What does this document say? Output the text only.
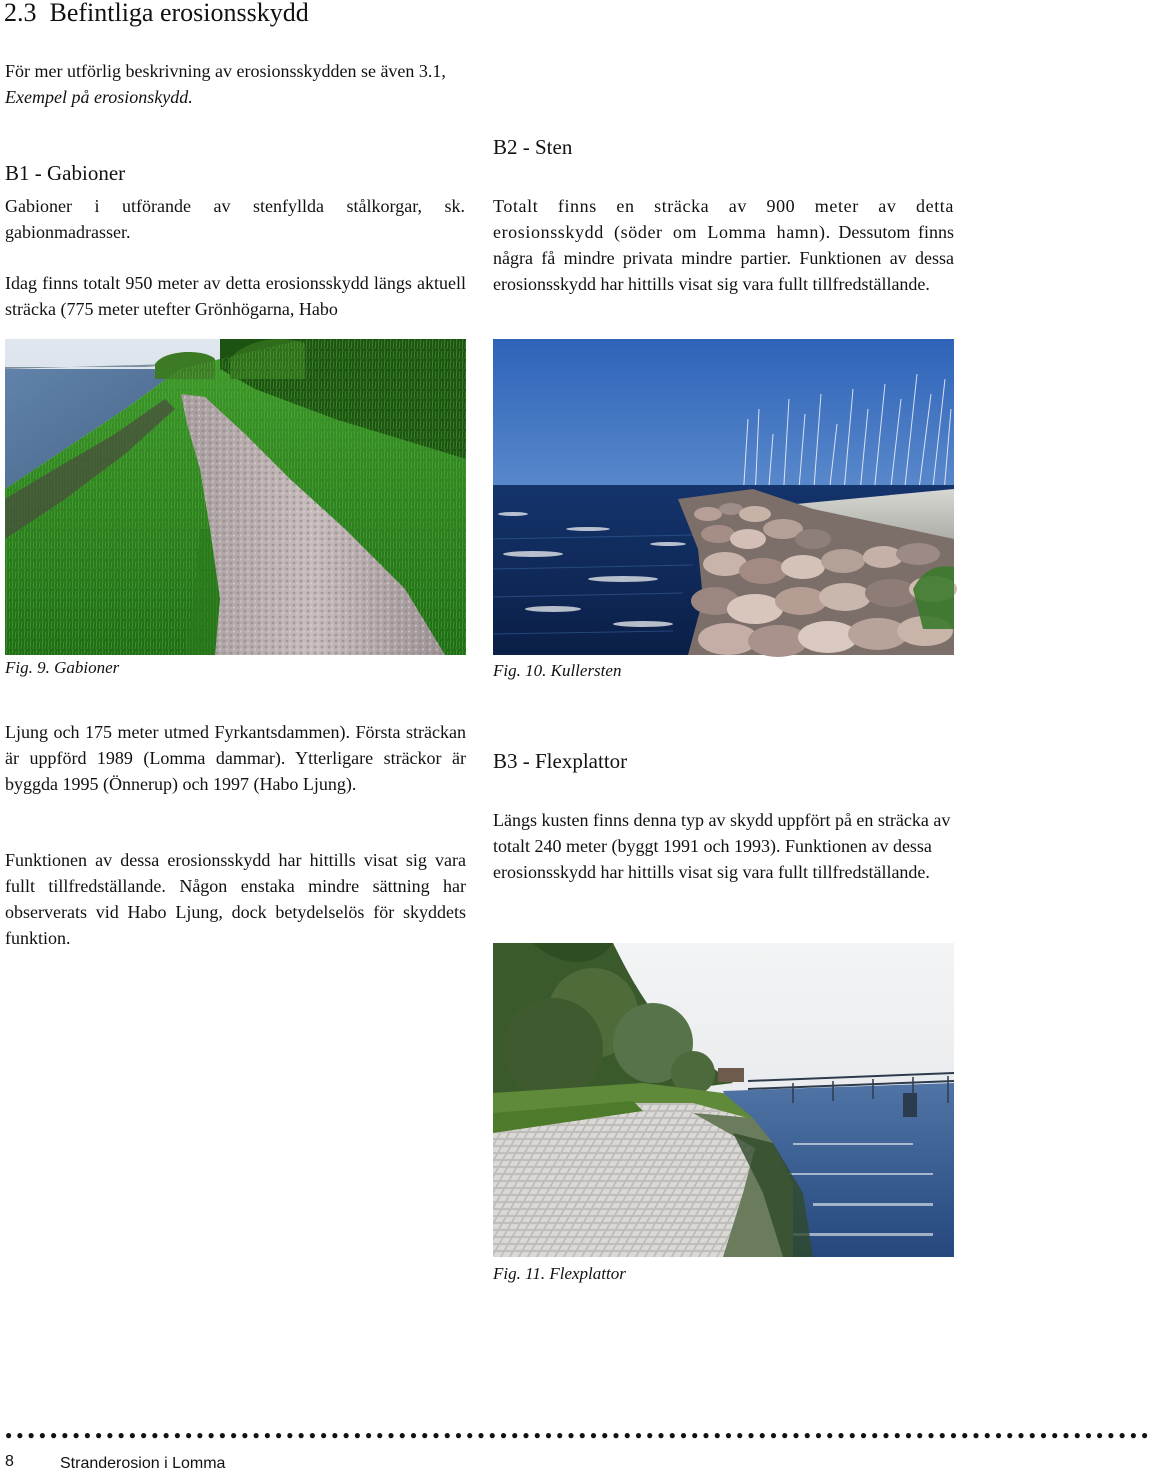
2.3 Befintliga erosionsskydd

För mer utförlig beskrivning av erosionsskydden se även 3.1, Exempel på erosionskydd.

B1 - Gabioner

Gabioner i utförande av stenfyllda stålkorgar, sk. gabionmadrasser.

Idag finns totalt 950 meter av detta erosionsskydd längs aktuell sträcka (775 meter utefter Grönhögarna, Habo

B2 - Sten

Totalt finns en sträcka av 900 meter av detta erosionsskydd (söder om Lomma hamn). Dessutom finns några få mindre privata mindre partier. Funktionen av dessa erosionsskydd har hittills visat sig vara fullt tillfredställande.

Fig. 9. Gabioner	Fig. 10. Kullersten

Ljung och 175 meter utmed Fyrkantsdammen). Första sträckan är uppförd 1989 (Lomma dammar). Ytterligare sträckor är byggda 1995 (Önnerup) och 1997 (Habo Ljung).

Funktionen av dessa erosionsskydd har hittills visat sig vara fullt tillfredställande. Någon enstaka mindre sättning har observerats vid Habo Ljung, dock betydelselös för skyddets funktion.

B3 - Flexplattor

Längs kusten finns denna typ av skydd uppfört på en sträcka av totalt 240 meter (byggt 1991 och 1993). Funktionen av dessa erosionsskydd har hittills visat sig vara fullt tillfredställande.

Fig. 11. Flexplattor

●●●●●●●●●●●●●●●●●●●●●●●●●●●●●●●●●●●●●●●●●●●●●●●●●●●●●●●●●●●●●●●●●●●●●●●●●●●●●●●●●●●●●●●●●●●●●●●●●●●●●●
8	Stranderosion i Lomma
